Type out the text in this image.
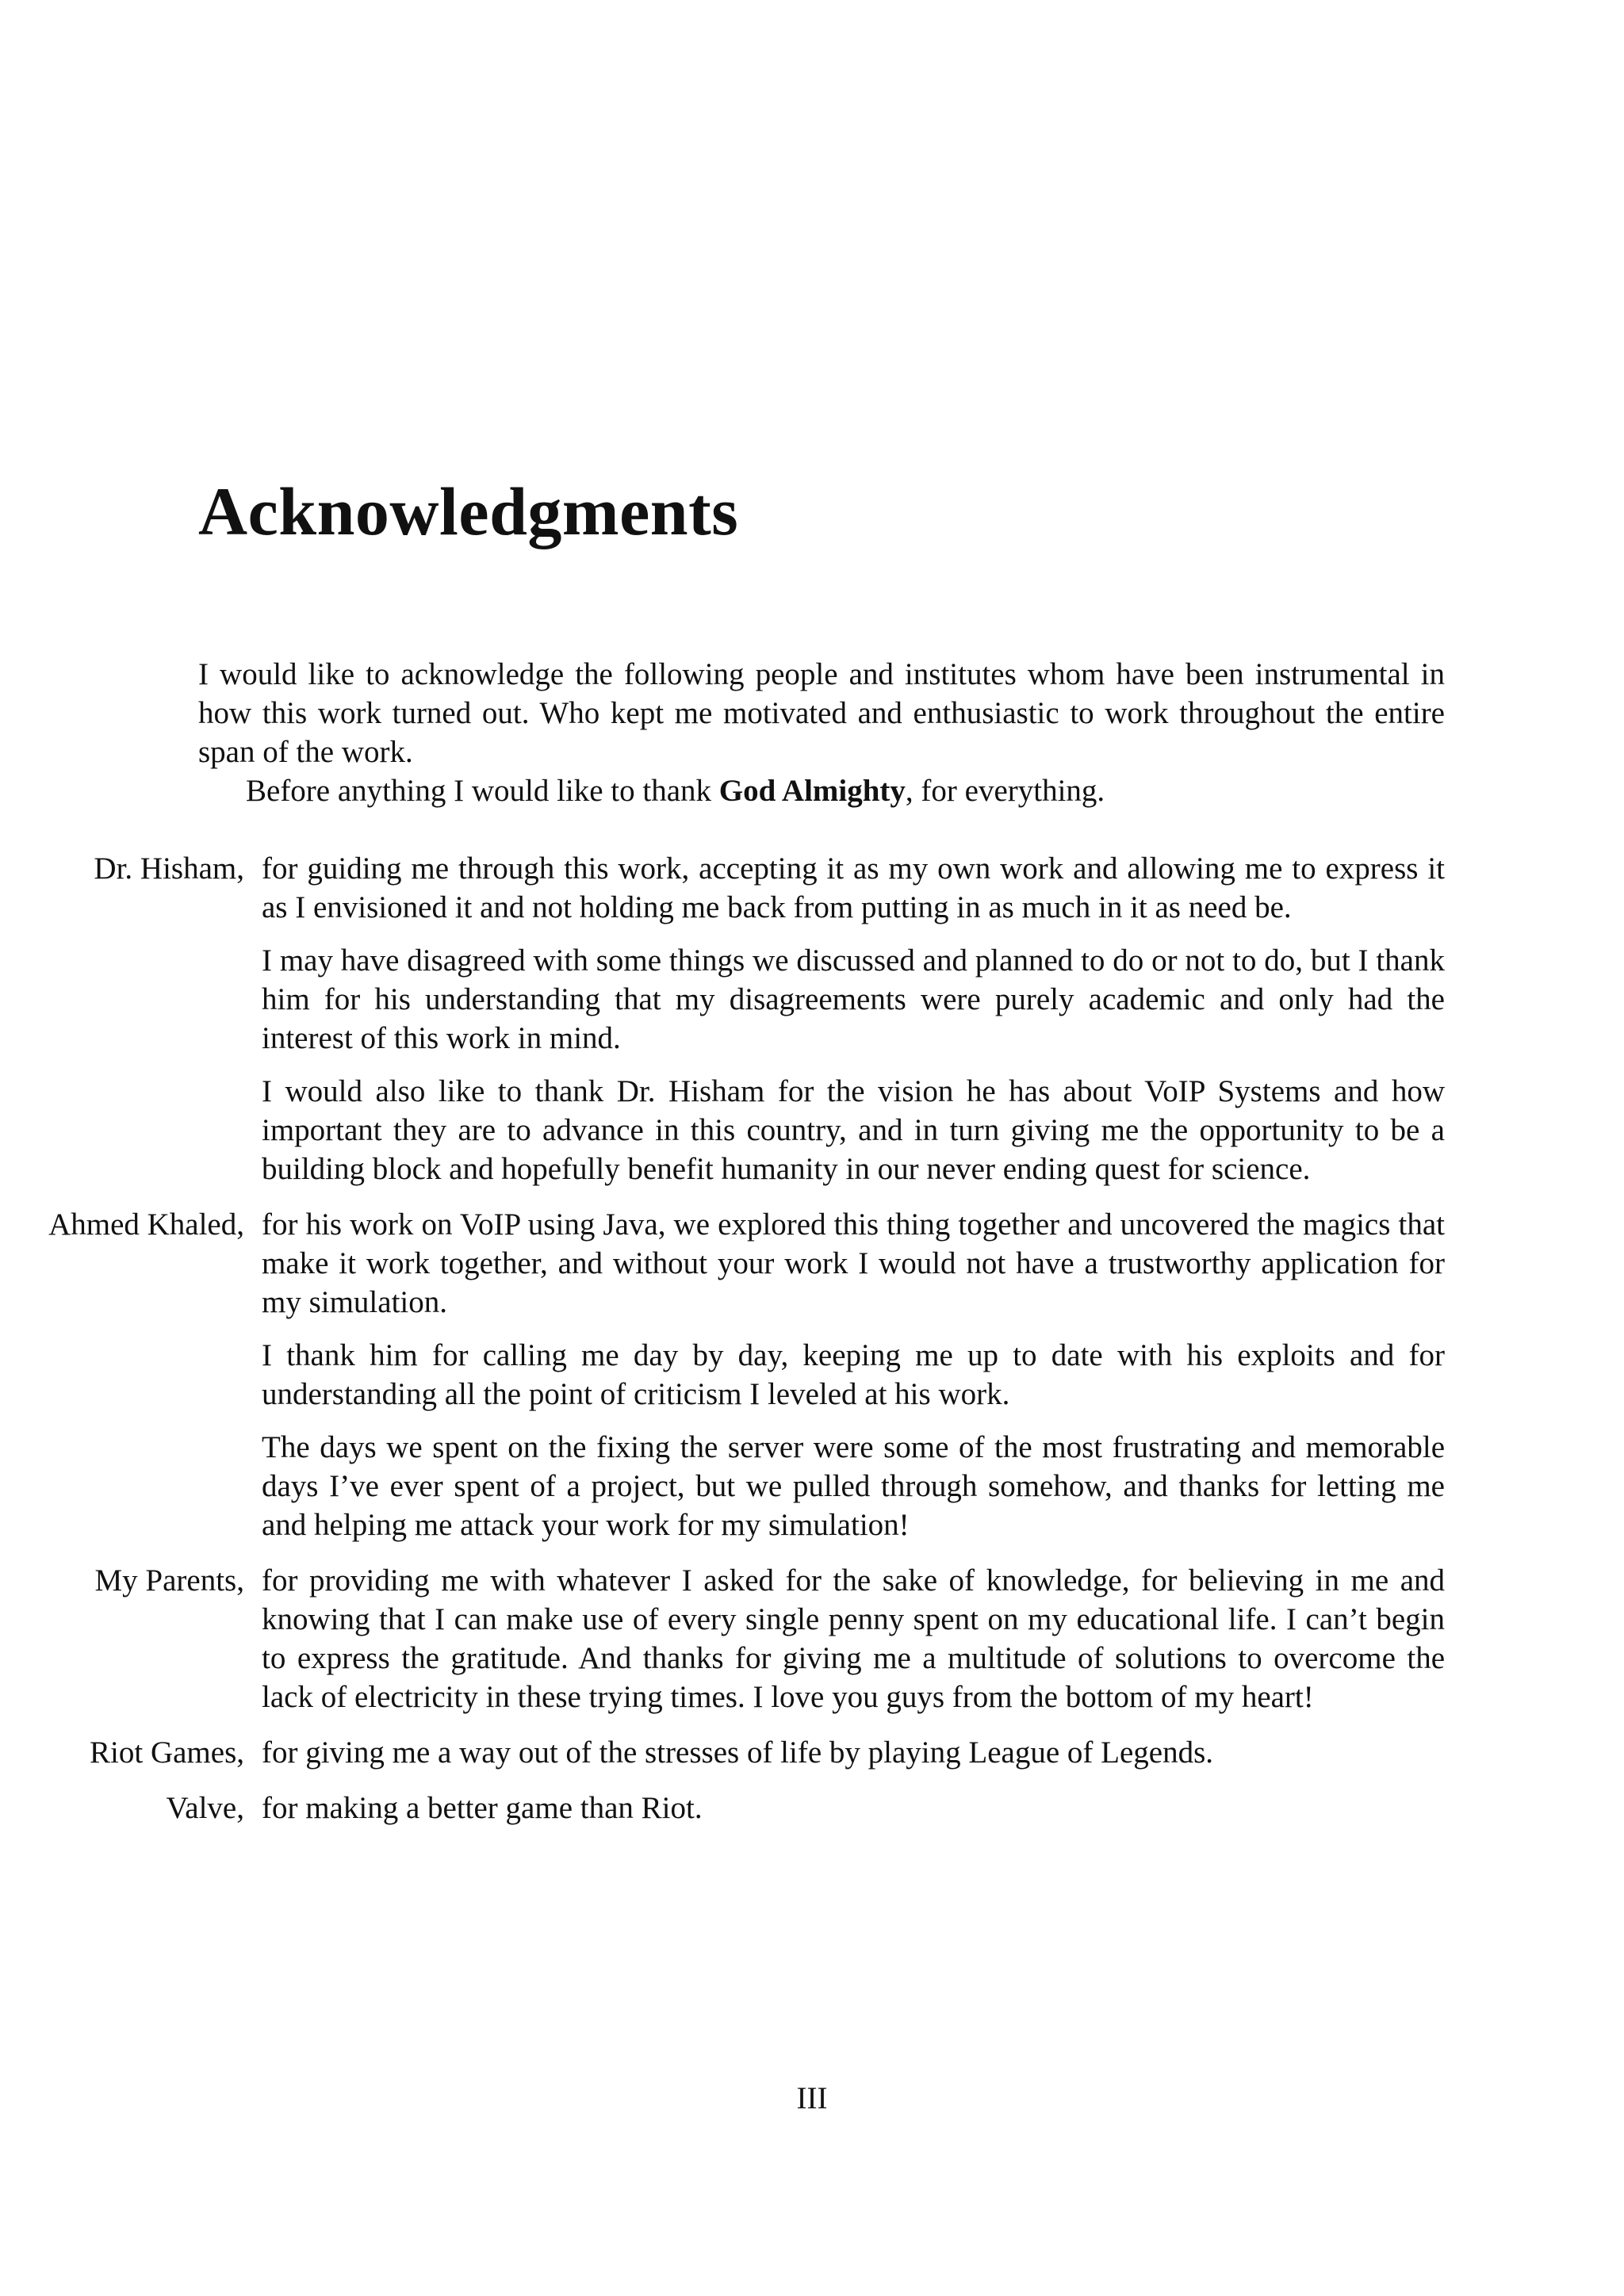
Acknowledgments

I would like to acknowledge the following people and institutes whom have been instrumental in how this work turned out. Who kept me motivated and enthusiastic to work throughout the entire span of the work.

Before anything I would like to thank God Almighty, for everything.

Dr. Hisham, for guiding me through this work, accepting it as my own work and allowing me to express it as I envisioned it and not holding me back from putting in as much in it as need be.

I may have disagreed with some things we discussed and planned to do or not to do, but I thank him for his understanding that my disagreements were purely academic and only had the interest of this work in mind.

I would also like to thank Dr. Hisham for the vision he has about VoIP Systems and how important they are to advance in this country, and in turn giving me the opportunity to be a building block and hopefully benefit humanity in our never ending quest for science.

Ahmed Khaled, for his work on VoIP using Java, we explored this thing together and uncovered the magics that make it work together, and without your work I would not have a trustworthy application for my simulation.

I thank him for calling me day by day, keeping me up to date with his exploits and for understanding all the point of criticism I leveled at his work.

The days we spent on the fixing the server were some of the most frustrating and memorable days I’ve ever spent of a project, but we pulled through somehow, and thanks for letting me and helping me attack your work for my simulation!

My Parents, for providing me with whatever I asked for the sake of knowledge, for believing in me and knowing that I can make use of every single penny spent on my educational life. I can’t begin to express the gratitude. And thanks for giving me a multitude of solutions to overcome the lack of electricity in these trying times. I love you guys from the bottom of my heart!

Riot Games, for giving me a way out of the stresses of life by playing League of Legends.

Valve, for making a better game than Riot.

III
